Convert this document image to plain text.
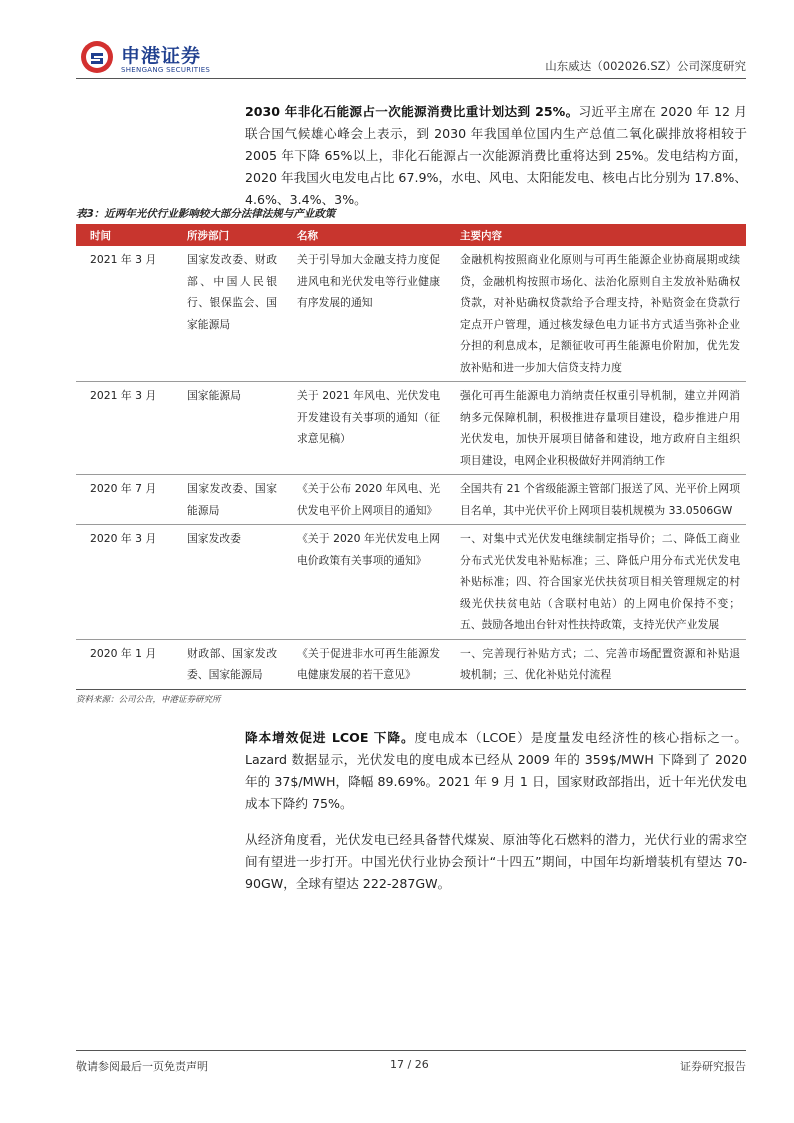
申港证券
SHENGANG SECURITIES	山东威达（002026.SZ）公司深度研究
2030 年非化石能源占一次能源消费比重计划达到 25%。习近平主席在 2020 年 12 月联合国气候雄心峰会上表示，到 2030 年我国单位国内生产总值二氧化碳排放将相较于 2005 年下降 65%以上，非化石能源占一次能源消费比重将达到 25%。发电结构方面，2020 年我国火电发电占比 67.9%，水电、风电、太阳能发电、核电占比分别为 17.8%、4.6%、3.4%、3%。
表3：近两年光伏行业影响较大部分法律法规与产业政策
时间	所涉部门	名称	主要内容
2021 年 3 月	国家发改委、财政部、中国人民银行、银保监会、国家能源局	关于引导加大金融支持力度促进风电和光伏发电等行业健康有序发展的通知	金融机构按照商业化原则与可再生能源企业协商展期或续贷，金融机构按照市场化、法治化原则自主发放补贴确权贷款，对补贴确权贷款给予合理支持，补贴资金在贷款行定点开户管理，通过核发绿色电力证书方式适当弥补企业分担的利息成本，足额征收可再生能源电价附加，优先发放补贴和进一步加大信贷支持力度
2021 年 3 月	国家能源局	关于 2021 年风电、光伏发电开发建设有关事项的通知（征求意见稿）	强化可再生能源电力消纳责任权重引导机制，建立并网消纳多元保障机制，积极推进存量项目建设，稳步推进户用光伏发电，加快开展项目储备和建设，地方政府自主组织项目建设，电网企业积极做好并网消纳工作
2020 年 7 月	国家发改委、国家能源局	《关于公布 2020 年风电、光伏发电平价上网项目的通知》	全国共有 21 个省级能源主管部门报送了风、光平价上网项目名单，其中光伏平价上网项目装机规模为 33.0506GW
2020 年 3 月	国家发改委	《关于 2020 年光伏发电上网电价政策有关事项的通知》	一、对集中式光伏发电继续制定指导价；二、降低工商业分布式光伏发电补贴标准；三、降低户用分布式光伏发电补贴标准；四、符合国家光伏扶贫项目相关管理规定的村级光伏扶贫电站（含联村电站）的上网电价保持不变；五、鼓励各地出台针对性扶持政策，支持光伏产业发展
2020 年 1 月	财政部、国家发改委、国家能源局	《关于促进非水可再生能源发电健康发展的若干意见》	一、完善现行补贴方式；二、完善市场配置资源和补贴退坡机制；三、优化补贴兑付流程
资料来源：公司公告，申港证券研究所
降本增效促进 LCOE 下降。度电成本（LCOE）是度量发电经济性的核心指标之一。Lazard 数据显示，光伏发电的度电成本已经从 2009 年的 359$/MWH 下降到了 2020 年的 37$/MWH，降幅 89.69%。2021 年 9 月 1 日，国家财政部指出，近十年光伏发电成本下降约 75%。
从经济角度看，光伏发电已经具备替代煤炭、原油等化石燃料的潜力，光伏行业的需求空间有望进一步打开。中国光伏行业协会预计“十四五”期间，中国年均新增装机有望达 70-90GW，全球有望达 222-287GW。
敬请参阅最后一页免责声明	17 / 26	证券研究报告
